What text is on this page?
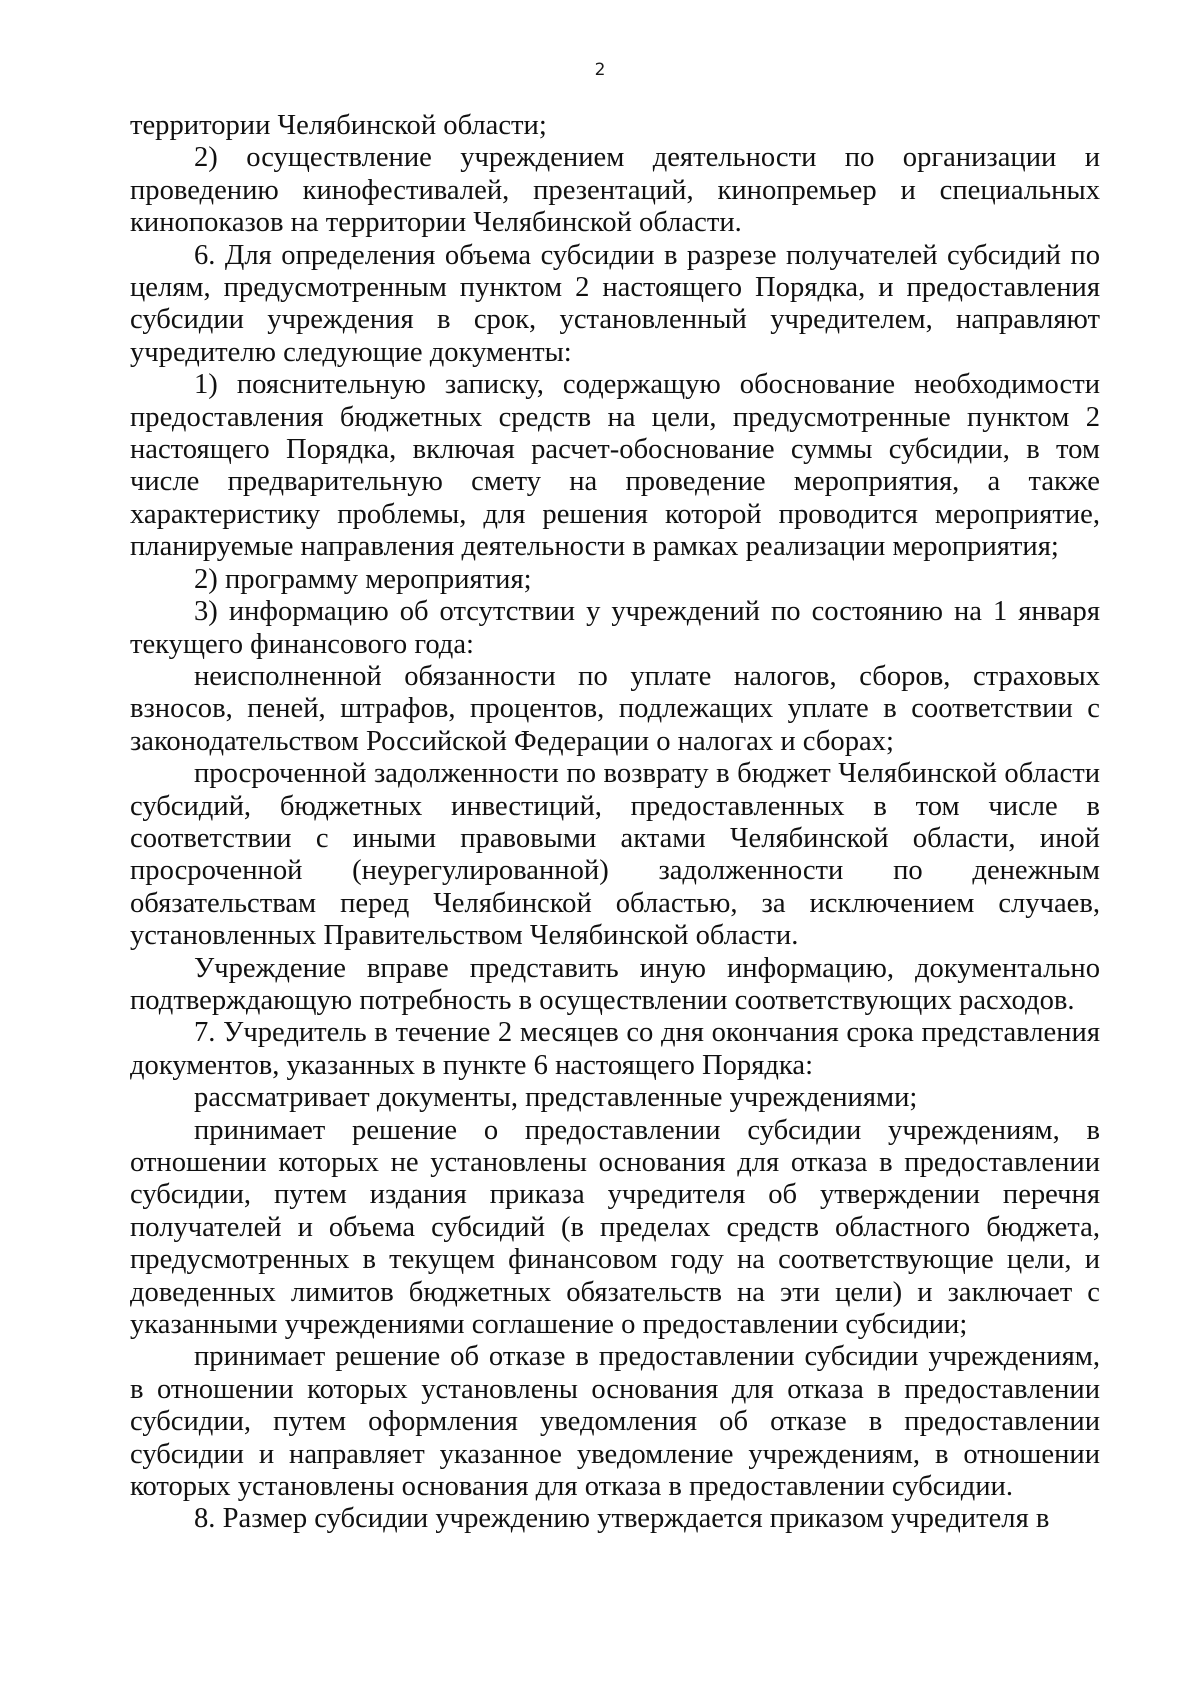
2

территории Челябинской области;

2) осуществление учреждением деятельности по организации и проведению кинофестивалей, презентаций, кинопремьер и специальных кинопоказов на территории Челябинской области.

6. Для определения объема субсидии в разрезе получателей субсидий по целям, предусмотренным пунктом 2 настоящего Порядка, и предоставления субсидии учреждения в срок, установленный учредителем, направляют учредителю следующие документы:

1) пояснительную записку, содержащую обоснование необходимости предоставления бюджетных средств на цели, предусмотренные пунктом 2 настоящего Порядка, включая расчет-обоснование суммы субсидии, в том числе предварительную смету на проведение мероприятия, а также характеристику проблемы, для решения которой проводится мероприятие, планируемые направления деятельности в рамках реализации мероприятия;

2) программу мероприятия;

3) информацию об отсутствии у учреждений по состоянию на 1 января текущего финансового года:

неисполненной обязанности по уплате налогов, сборов, страховых взносов, пеней, штрафов, процентов, подлежащих уплате в соответствии с законодательством Российской Федерации о налогах и сборах;

просроченной задолженности по возврату в бюджет Челябинской области субсидий, бюджетных инвестиций, предоставленных в том числе в соответствии с иными правовыми актами Челябинской области, иной просроченной (неурегулированной) задолженности по денежным обязательствам перед Челябинской областью, за исключением случаев, установленных Правительством Челябинской области.

Учреждение вправе представить иную информацию, документально подтверждающую потребность в осуществлении соответствующих расходов.

7. Учредитель в течение 2 месяцев со дня окончания срока представления документов, указанных в пункте 6 настоящего Порядка:

рассматривает документы, представленные учреждениями;

принимает решение о предоставлении субсидии учреждениям, в отношении которых не установлены основания для отказа в предоставлении субсидии, путем издания приказа учредителя об утверждении перечня получателей и объема субсидий (в пределах средств областного бюджета, предусмотренных в текущем финансовом году на соответствующие цели, и доведенных лимитов бюджетных обязательств на эти цели) и заключает с указанными учреждениями соглашение о предоставлении субсидии;

принимает решение об отказе в предоставлении субсидии учреждениям, в отношении которых установлены основания для отказа в предоставлении субсидии, путем оформления уведомления об отказе в предоставлении субсидии и направляет указанное уведомление учреждениям, в отношении которых установлены основания для отказа в предоставлении субсидии.

8. Размер субсидии учреждению утверждается приказом учредителя в
